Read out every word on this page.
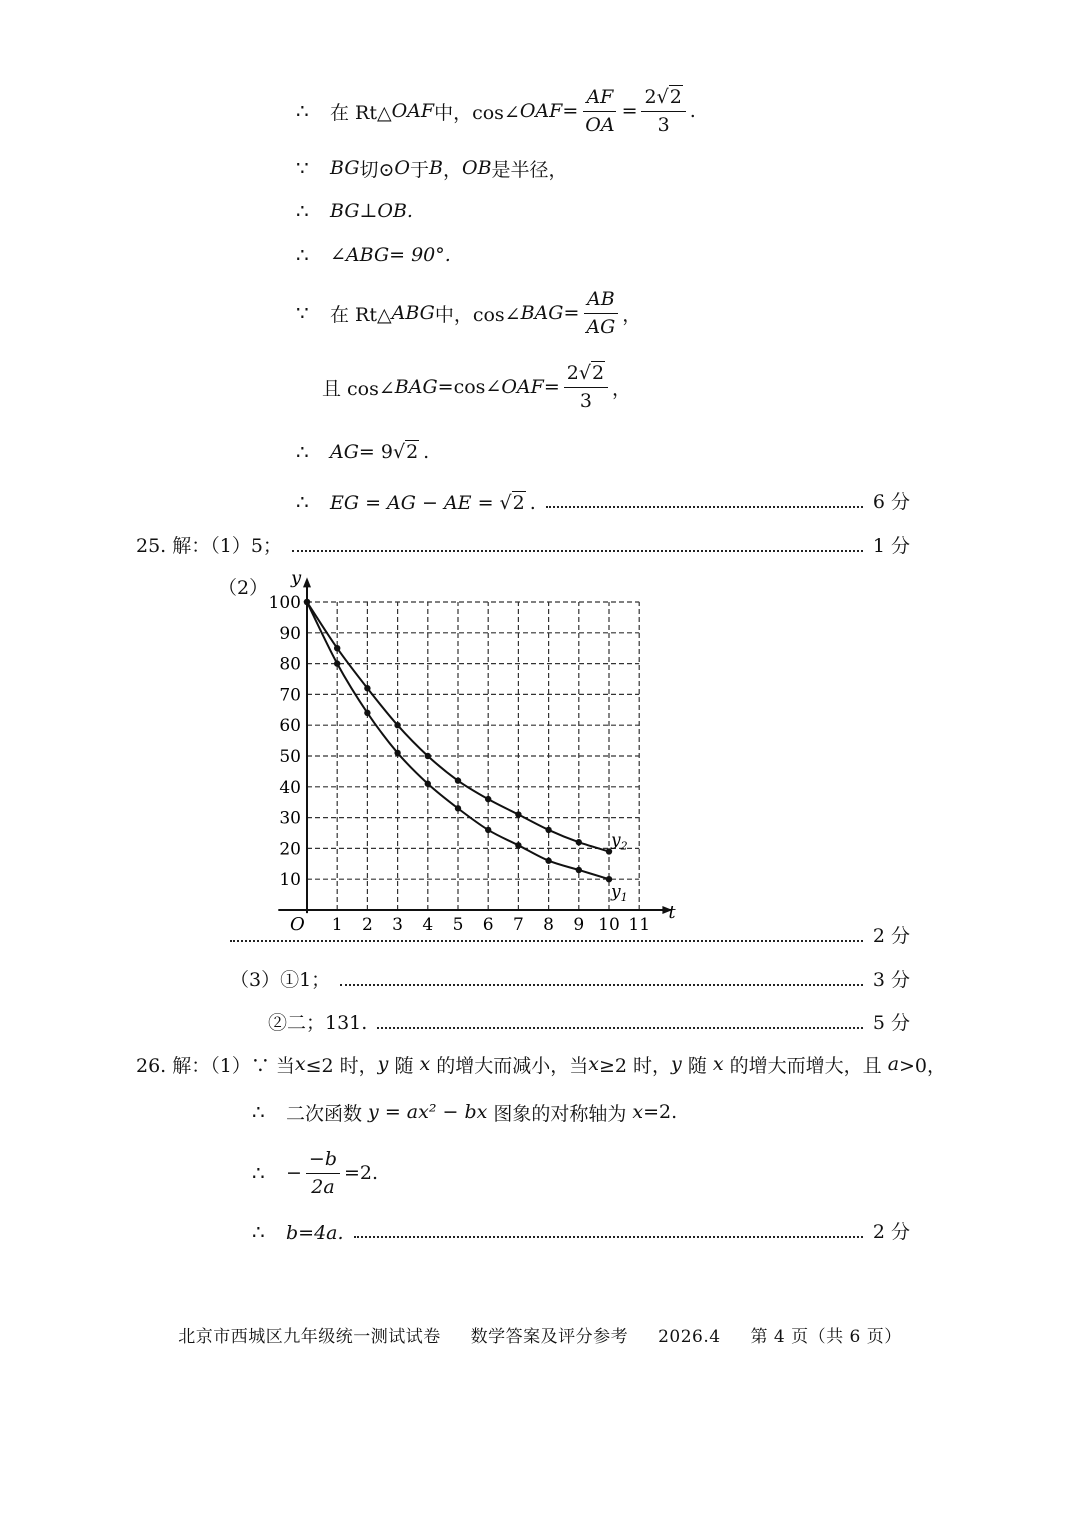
∴	在 Rt△ OAF 中，cos∠ OAF = $\frac{AF}{OA} = \frac{2√2}{3}$ .
∵	BG 切⊙ O 于 B ， OB 是半径，
∴	BG⊥OB.
∴	∠ABG= 90°.
∵	在 Rt△ ABG 中，cos∠ BAG = $\frac{AB}{AG}$ ，
且 cos∠ BAG =cos∠ OAF = $\frac{2√2}{3}$ ，
∴	AG = 9 √2 .
∴	EG = AG − AE = √2 .	6 分
25. 解：（1）5；	1 分
（2）
t
y
O 1 2 3 4 5 6 7 8 9 10 11
10
20
30
40
50
60
70
80
90
100
$y_2$
$y_1$
2 分
（3）①1；	3 分
②二；131.	5 分
26. 解：（1）∵ 当 x ≤2 时， y 随 x 的增大而减小，当 x ≥2 时， y 随 x 的增大而增大，且 a >0，
∴	二次函数 y = ax² − bx 图象的对称轴为 x =2.
∴	− $\frac{-b}{2a} =2$.
∴	b=4a.	2 分
北京市西城区九年级统一测试试卷 数学答案及评分参考 2026.4 第 4 页（共 6 页）
